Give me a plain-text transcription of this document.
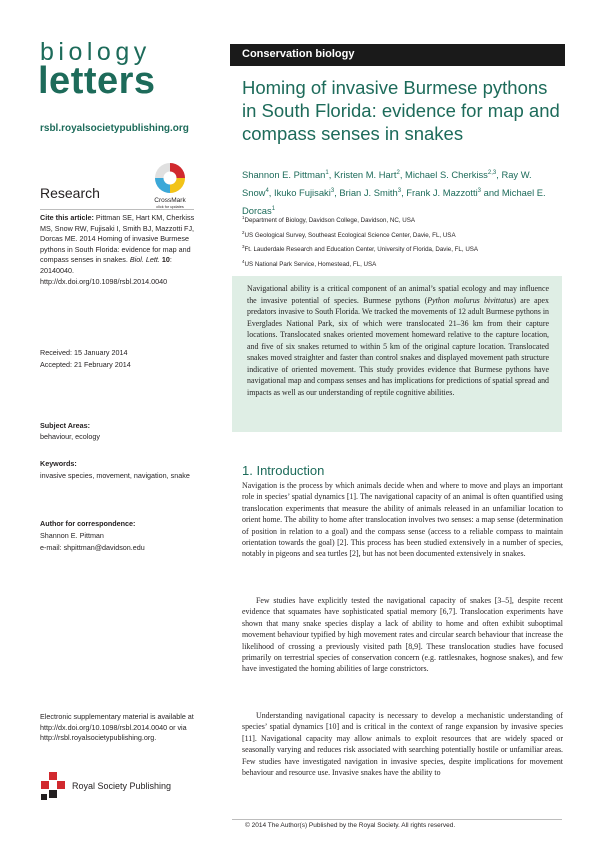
biology
letters
rsbl.royalsocietypublishing.org
Research	CrossMark
click for updates
Cite this article: Pittman SE, Hart KM, Cherkiss MS, Snow RW, Fujisaki I, Smith BJ, Mazzotti FJ, Dorcas ME. 2014 Homing of invasive Burmese pythons in South Florida: evidence for map and compass senses in snakes. Biol. Lett. 10: 20140040. http://dx.doi.org/10.1098/rsbl.2014.0040
Received: 15 January 2014
Accepted: 21 February 2014
Subject Areas:
behaviour, ecology
Keywords:
invasive species, movement, navigation, snake
Author for correspondence:
Shannon E. Pittman
e-mail: shpittman@davidson.edu
Electronic supplementary material is available at http://dx.doi.org/10.1098/rsbl.2014.0040 or via http://rsbl.royalsocietypublishing.org.
Royal Society Publishing
Conservation biology
Homing of invasive Burmese pythons in South Florida: evidence for map and compass senses in snakes
Shannon E. Pittman$^1$, Kristen M. Hart$^2$, Michael S. Cherkiss$^{2,3}$, Ray W. Snow$^4$, Ikuko Fujisaki$^3$, Brian J. Smith$^3$, Frank J. Mazzotti$^3$ and Michael E. Dorcas$^1$
$^1$Department of Biology, Davidson College, Davidson, NC, USA
$^2$US Geological Survey, Southeast Ecological Science Center, Davie, FL, USA
$^3$Ft. Lauderdale Research and Education Center, University of Florida, Davie, FL, USA
$^4$US National Park Service, Homestead, FL, USA
Navigational ability is a critical component of an animal’s spatial ecology and may influence the invasive potential of species. Burmese pythons (Python molurus bivittatus) are apex predators invasive to South Florida. We tracked the movements of 12 adult Burmese pythons in Everglades National Park, six of which were translocated 21–36 km from their capture locations. Translocated snakes oriented movement homeward relative to the capture location, and five of six snakes returned to within 5 km of the original capture location. Translocated snakes moved straighter and faster than control snakes and displayed movement path structure indicative of oriented movement. This study provides evidence that Burmese pythons have navigational map and compass senses and has implications for predictions of spatial spread and impacts as well as our understanding of reptile cognitive abilities.
1. Introduction
Navigation is the process by which animals decide when and where to move and plays an important role in species’ spatial dynamics [1]. The navigational capacity of an animal is often quantified using translocation experiments that measure the ability of animals released in an unfamiliar location to orient home. The ability to home after translocation involves two senses: a map sense (determination of position in relation to a goal) and the compass sense (access to a reliable compass to maintain orientation towards the goal) [2]. This process has been studied extensively in a number of species, notably in pigeons and sea turtles [2], but has not been documented extensively in snakes.
Few studies have explicitly tested the navigational capacity of snakes [3–5], despite recent evidence that squamates have sophisticated spatial memory [6,7]. Translocation experiments have shown that many snake species display a lack of ability to home and often exhibit suboptimal movement behaviour typified by high movement rates and circular search behaviour that increase the likelihood of crossing a previously visited path [8,9]. These translocation studies have focused primarily on terrestrial species of conservation concern (e.g. rattlesnakes, hognose snakes), and few have investigated the homing abilities of large constrictors.
Understanding navigational capacity is necessary to develop a mechanistic understanding of species’ spatial dynamics [10] and is critical in the context of range expansion by invasive species [11]. Navigational capacity may allow animals to exploit resources that are widely spaced or seasonally varying and reduces risk associated with searching potentially hostile or unfamiliar areas. Few studies have investigated navigation in invasive species, despite implications for movement behaviour and resource use. Invasive snakes have the ability to
© 2014 The Author(s) Published by the Royal Society. All rights reserved.
